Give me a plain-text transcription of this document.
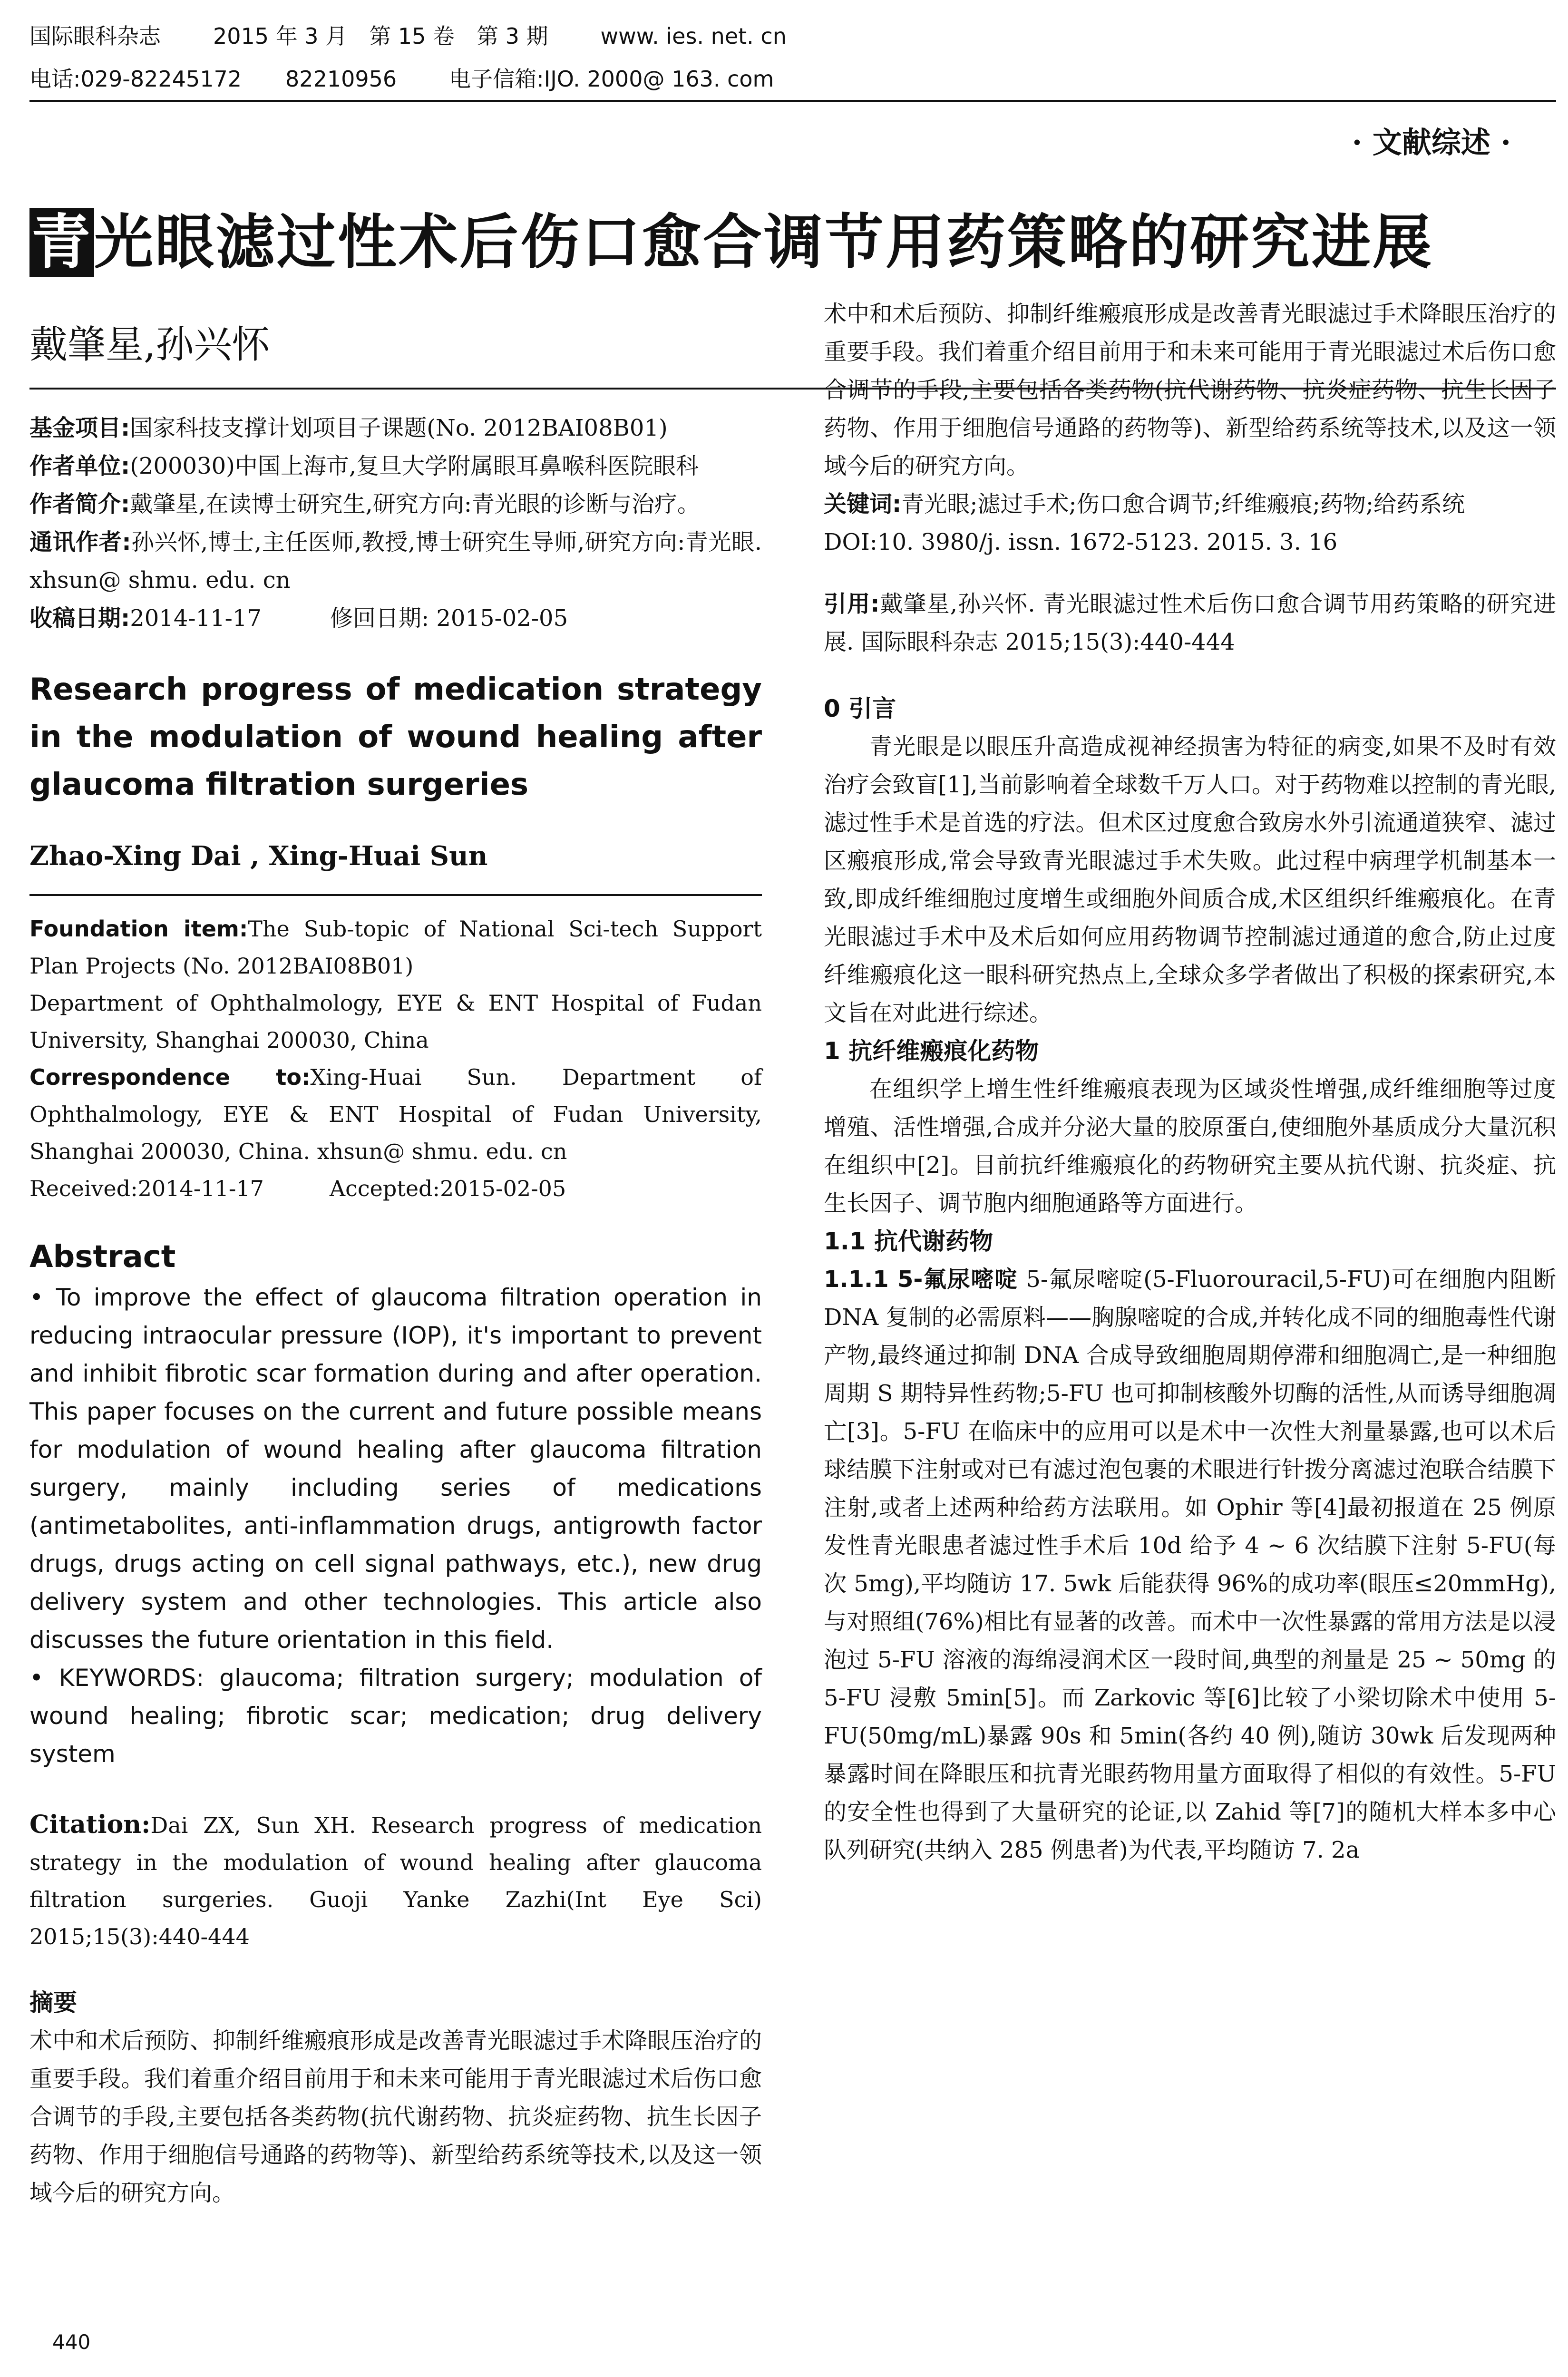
国际眼科杂志 2015 年 3 月　第 15 卷　第 3 期 www. ies. net. cn
电话:029-82245172　　82210956 电子信箱:IJO. 2000@ 163. com
· 文献综述 ·
青光眼滤过性术后伤口愈合调节用药策略的研究进展
戴肇星,孙兴怀

基金项目:国家科技支撑计划项目子课题(No. 2012BAI08B01)

作者单位:(200030)中国上海市,复旦大学附属眼耳鼻喉科医院眼科

作者简介:戴肇星,在读博士研究生,研究方向:青光眼的诊断与治疗。

通讯作者:孙兴怀,博士,主任医师,教授,博士研究生导师,研究方向:青光眼. xhsun@ shmu. edu. cn

收稿日期:2014-11-17　　　修回日期: 2015-02-05

Research progress of medication strategy in the modulation of wound healing after glaucoma filtration surgeries

Zhao-Xing Dai , Xing-Huai Sun

Foundation item:The Sub-topic of National Sci-tech Support Plan Projects (No. 2012BAI08B01)

Department of Ophthalmology, EYE & ENT Hospital of Fudan University, Shanghai 200030, China

Correspondence to:Xing-Huai Sun. Department of Ophthalmology, EYE & ENT Hospital of Fudan University, Shanghai 200030, China. xhsun@ shmu. edu. cn

Received:2014-11-17　　　Accepted:2015-02-05

Abstract

• To improve the effect of glaucoma filtration operation in reducing intraocular pressure (IOP), it's important to prevent and inhibit fibrotic scar formation during and after operation. This paper focuses on the current and future possible means for modulation of wound healing after glaucoma filtration surgery, mainly including series of medications (antimetabolites, anti-inflammation drugs, antigrowth factor drugs, drugs acting on cell signal pathways, etc.), new drug delivery system and other technologies. This article also discusses the future orientation in this field.

• KEYWORDS: glaucoma; filtration surgery; modulation of wound healing; fibrotic scar; medication; drug delivery system

Citation:Dai ZX, Sun XH. Research progress of medication strategy in the modulation of wound healing after glaucoma filtration surgeries. Guoji Yanke Zazhi(Int Eye Sci) 2015;15(3):440-444

摘要

术中和术后预防、抑制纤维瘢痕形成是改善青光眼滤过手术降眼压治疗的重要手段。我们着重介绍目前用于和未来可能用于青光眼滤过术后伤口愈合调节的手段,主要包括各类药物(抗代谢药物、抗炎症药物、抗生长因子药物、作用于细胞信号通路的药物等)、新型给药系统等技术,以及这一领域今后的研究方向。

440

术中和术后预防、抑制纤维瘢痕形成是改善青光眼滤过手术降眼压治疗的重要手段。我们着重介绍目前用于和未来可能用于青光眼滤过术后伤口愈合调节的手段,主要包括各类药物(抗代谢药物、抗炎症药物、抗生长因子药物、作用于细胞信号通路的药物等)、新型给药系统等技术,以及这一领域今后的研究方向。

关键词:青光眼;滤过手术;伤口愈合调节;纤维瘢痕;药物;给药系统

DOI:10. 3980/j. issn. 1672-5123. 2015. 3. 16

引用:戴肇星,孙兴怀. 青光眼滤过性术后伤口愈合调节用药策略的研究进展. 国际眼科杂志 2015;15(3):440-444

0 引言

青光眼是以眼压升高造成视神经损害为特征的病变,如果不及时有效治疗会致盲[1],当前影响着全球数千万人口。对于药物难以控制的青光眼,滤过性手术是首选的疗法。但术区过度愈合致房水外引流通道狭窄、滤过区瘢痕形成,常会导致青光眼滤过手术失败。此过程中病理学机制基本一致,即成纤维细胞过度增生或细胞外间质合成,术区组织纤维瘢痕化。在青光眼滤过手术中及术后如何应用药物调节控制滤过通道的愈合,防止过度纤维瘢痕化这一眼科研究热点上,全球众多学者做出了积极的探索研究,本文旨在对此进行综述。

1 抗纤维瘢痕化药物

在组织学上增生性纤维瘢痕表现为区域炎性增强,成纤维细胞等过度增殖、活性增强,合成并分泌大量的胶原蛋白,使细胞外基质成分大量沉积在组织中[2]。目前抗纤维瘢痕化的药物研究主要从抗代谢、抗炎症、抗生长因子、调节胞内细胞通路等方面进行。

1.1 抗代谢药物

1.1.1 5-氟尿嘧啶 5-氟尿嘧啶(5-Fluorouracil,5-FU)可在细胞内阻断 DNA 复制的必需原料——胸腺嘧啶的合成,并转化成不同的细胞毒性代谢产物,最终通过抑制 DNA 合成导致细胞周期停滞和细胞凋亡,是一种细胞周期 S 期特异性药物;5-FU 也可抑制核酸外切酶的活性,从而诱导细胞凋亡[3]。5-FU 在临床中的应用可以是术中一次性大剂量暴露,也可以术后球结膜下注射或对已有滤过泡包裹的术眼进行针拨分离滤过泡联合结膜下注射,或者上述两种给药方法联用。如 Ophir 等[4]最初报道在 25 例原发性青光眼患者滤过性手术后 10d 给予 4 ~ 6 次结膜下注射 5-FU(每次 5mg),平均随访 17. 5wk 后能获得 96%的成功率(眼压≤20mmHg),与对照组(76%)相比有显著的改善。而术中一次性暴露的常用方法是以浸泡过 5-FU 溶液的海绵浸润术区一段时间,典型的剂量是 25 ~ 50mg 的 5-FU 浸敷 5min[5]。而 Zarkovic 等[6]比较了小梁切除术中使用 5-FU(50mg/mL)暴露 90s 和 5min(各约 40 例),随访 30wk 后发现两种暴露时间在降眼压和抗青光眼药物用量方面取得了相似的有效性。5-FU 的安全性也得到了大量研究的论证,以 Zahid 等[7]的随机大样本多中心队列研究(共纳入 285 例患者)为代表,平均随访 7. 2a
